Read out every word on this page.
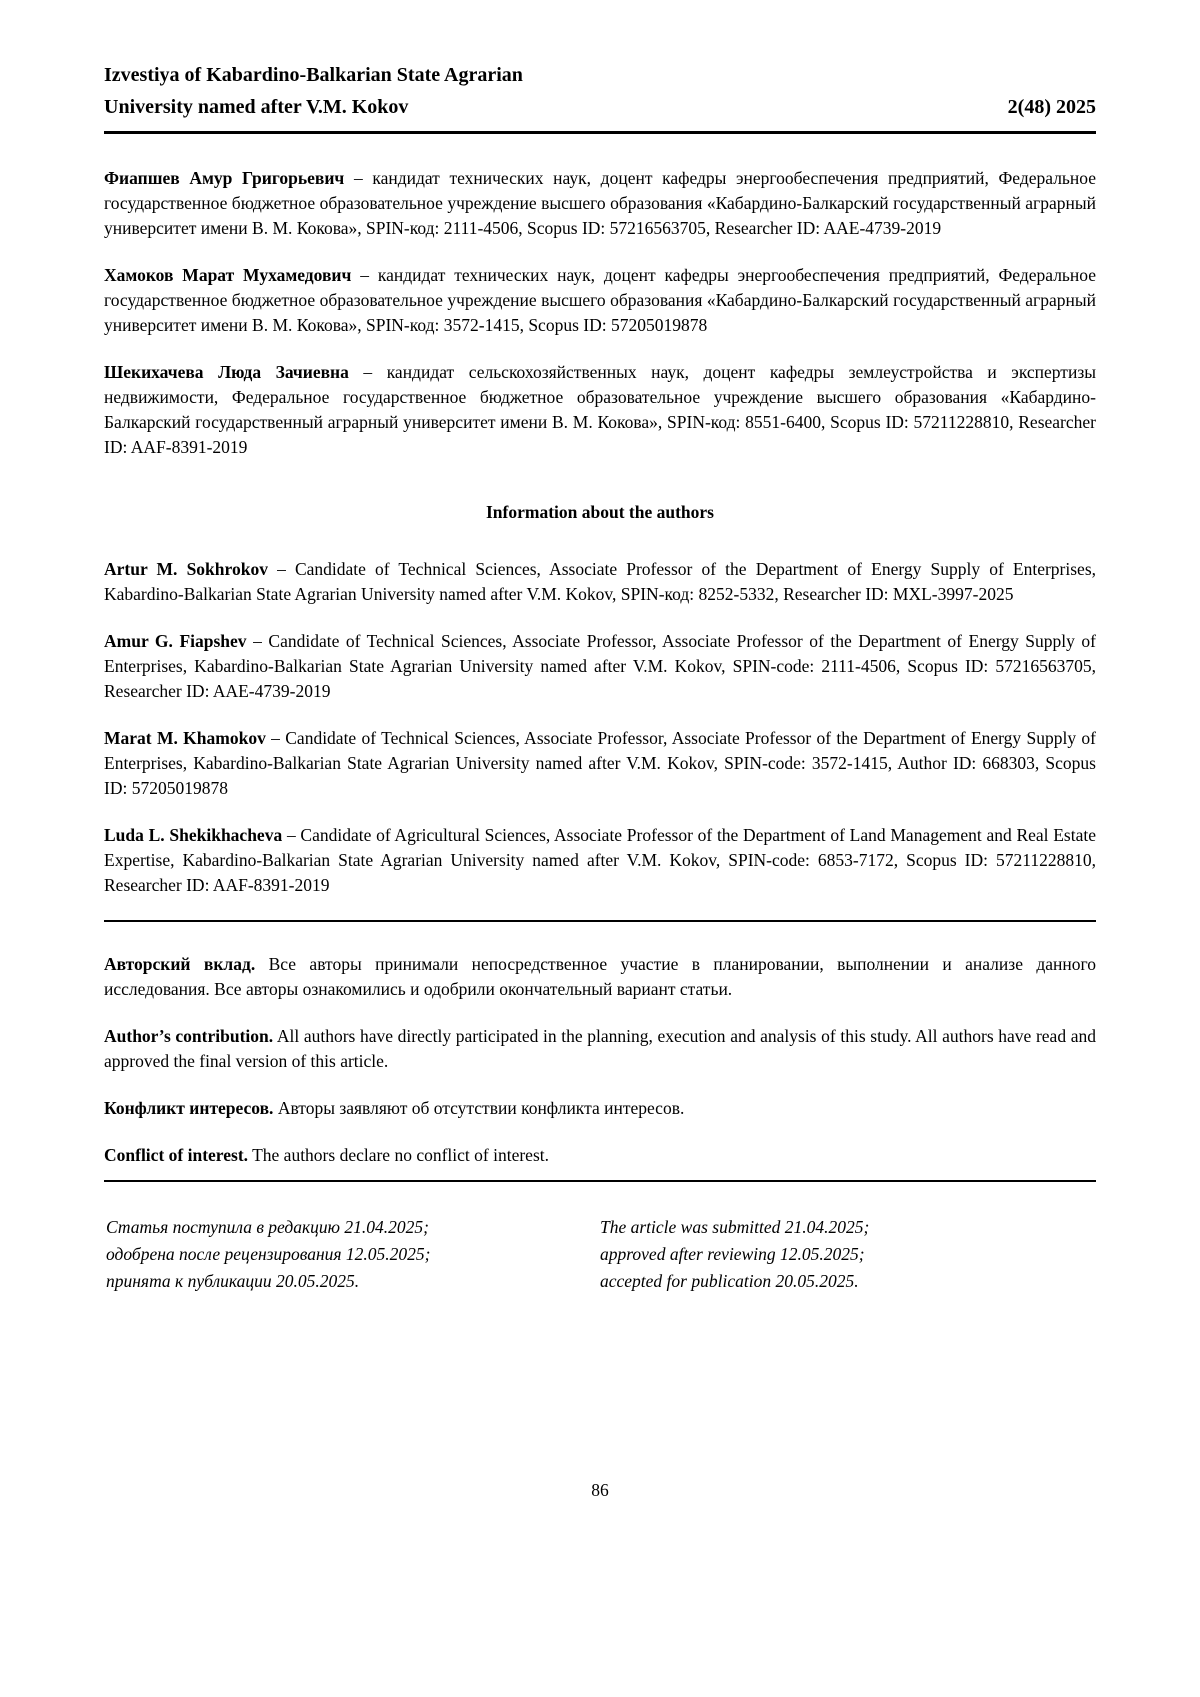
Izvestiya of Kabardino-Balkarian State Agrarian
University named after V.M. Kokov	2(48) 2025

Фиапшев Амур Григорьевич – кандидат технических наук, доцент кафедры энергообеспечения предприятий, Федеральное государственное бюджетное образовательное учреждение высшего образования «Кабардино-Балкарский государственный аграрный университет имени В. М. Кокова», SPIN-код: 2111-4506, Scopus ID: 57216563705, Researcher ID: AAE-4739-2019

Хамоков Марат Мухамедович – кандидат технических наук, доцент кафедры энергообеспечения предприятий, Федеральное государственное бюджетное образовательное учреждение высшего образования «Кабардино-Балкарский государственный аграрный университет имени В. М. Кокова», SPIN-код: 3572-1415, Scopus ID: 57205019878

Шекихачева Люда Зачиевна – кандидат сельскохозяйственных наук, доцент кафедры землеустройства и экспертизы недвижимости, Федеральное государственное бюджетное образовательное учреждение высшего образования «Кабардино-Балкарский государственный аграрный университет имени В. М. Кокова», SPIN-код: 8551-6400, Scopus ID: 57211228810, Researcher ID: AAF-8391-2019

Information about the authors

Artur M. Sokhrokov – Candidate of Technical Sciences, Associate Professor of the Department of Energy Supply of Enterprises, Kabardino-Balkarian State Agrarian University named after V.M. Kokov, SPIN-код: 8252-5332, Researcher ID: MXL-3997-2025

Amur G. Fiapshev – Candidate of Technical Sciences, Associate Professor, Associate Professor of the Department of Energy Supply of Enterprises, Kabardino-Balkarian State Agrarian University named after V.M. Kokov, SPIN-code: 2111-4506, Scopus ID: 57216563705, Researcher ID: AAE-4739-2019

Marat M. Khamokov – Candidate of Technical Sciences, Associate Professor, Associate Professor of the Department of Energy Supply of Enterprises, Kabardino-Balkarian State Agrarian University named after V.M. Kokov, SPIN-code: 3572-1415, Author ID: 668303, Scopus ID: 57205019878

Luda L. Shekikhacheva – Candidate of Agricultural Sciences, Associate Professor of the Department of Land Management and Real Estate Expertise, Kabardino-Balkarian State Agrarian University named after V.M. Kokov, SPIN-code: 6853-7172, Scopus ID: 57211228810, Researcher ID: AAF-8391-2019

Авторский вклад. Все авторы принимали непосредственное участие в планировании, выполнении и анализе данного исследования. Все авторы ознакомились и одобрили окончательный вариант статьи.

Author’s contribution. All authors have directly participated in the planning, execution and analysis of this study. All authors have read and approved the final version of this article.

Конфликт интересов. Авторы заявляют об отсутствии конфликта интересов.

Conflict of interest. The authors declare no conflict of interest.

Статья поступила в редакцию 21.04.2025;
одобрена после рецензирования 12.05.2025;
принята к публикации 20.05.2025.
The article was submitted 21.04.2025;
approved after reviewing 12.05.2025;
accepted for publication 20.05.2025.
86
